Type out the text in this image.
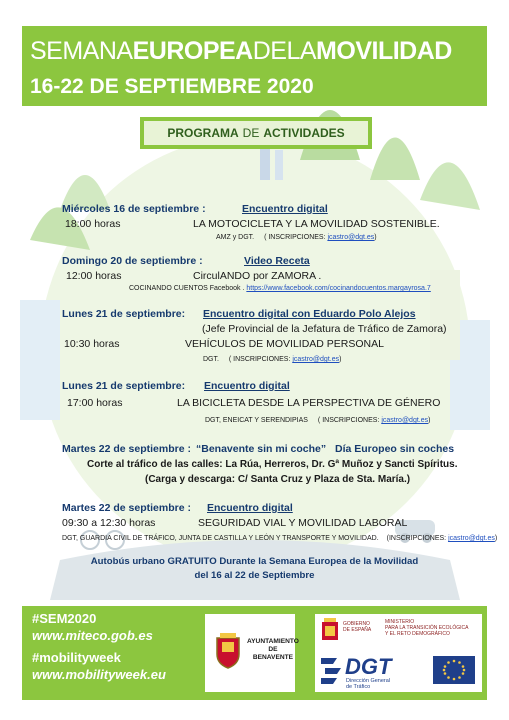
SEMANAEUROPEADELAMOVILIDAD
16-22 DE SEPTIEMBRE 2020
PROGRAMA DE ACTIVIDADES
Miércoles 16 de septiembre :	Encuentro digital
18:00 horas	LA MOTOCICLETA Y LA MOVILIDAD SOSTENIBLE.
AMZ y DGT. ( INSCRIPCIONES: jcastro@dgt.es)
Domingo 20 de septiembre :	Video Receta
12:00 horas	CirculANDO por ZAMORA .
COCINANDO CUENTOS Facebook . https://www.facebook.com/cocinandocuentos.margayrosa.7
Lunes 21 de septiembre: Encuentro digital con Eduardo Polo Alejos
(Jefe Provincial de la Jefatura de Tráfico de Zamora)
10:30 horas	VEHÍCULOS DE MOVILIDAD PERSONAL
DGT. ( INSCRIPCIONES: jcastro@dgt.es)
Lunes 21 de septiembre: Encuentro digital
17:00 horas	LA BICICLETA DESDE LA PERSPECTIVA DE GÉNERO
DGT, ENEICAT Y SERENDIPIAS ( INSCRIPCIONES: jcastro@dgt.es)
Martes 22 de septiembre : “Benavente sin mi coche” Día Europeo sin coches
Corte al tráfico de las calles: La Rúa, Herreros, Dr. Gª Muñoz y Sancti Spíritus.
(Carga y descarga: C/ Santa Cruz y Plaza de Sta. María.)
Martes 22 de septiembre : Encuentro digital
09:30 a 12:30 horas	SEGURIDAD VIAL Y MOVILIDAD LABORAL
DGT, GUARDIA CIVIL DE TRÁFICO, JUNTA DE CASTILLA Y LEÓN Y TRANSPORTE Y MOVILIDAD. (INSCRIPCIONES: jcastro@dgt.es)
Autobús urbano GRATUITO Durante la Semana Europea de la Movilidad
del 16 al 22 de Septiembre
#SEM2020
www.miteco.gob.es
#mobilityweek
www.mobilityweek.eu
AYUNTAMIENTO
DE
BENAVENTE
GOBIERNO
DE ESPAÑA
MINISTERIO
PARA LA TRANSICIÓN ECOLÓGICA
Y EL RETO DEMOGRÁFICO
DGT
Dirección General
de Tráfico
